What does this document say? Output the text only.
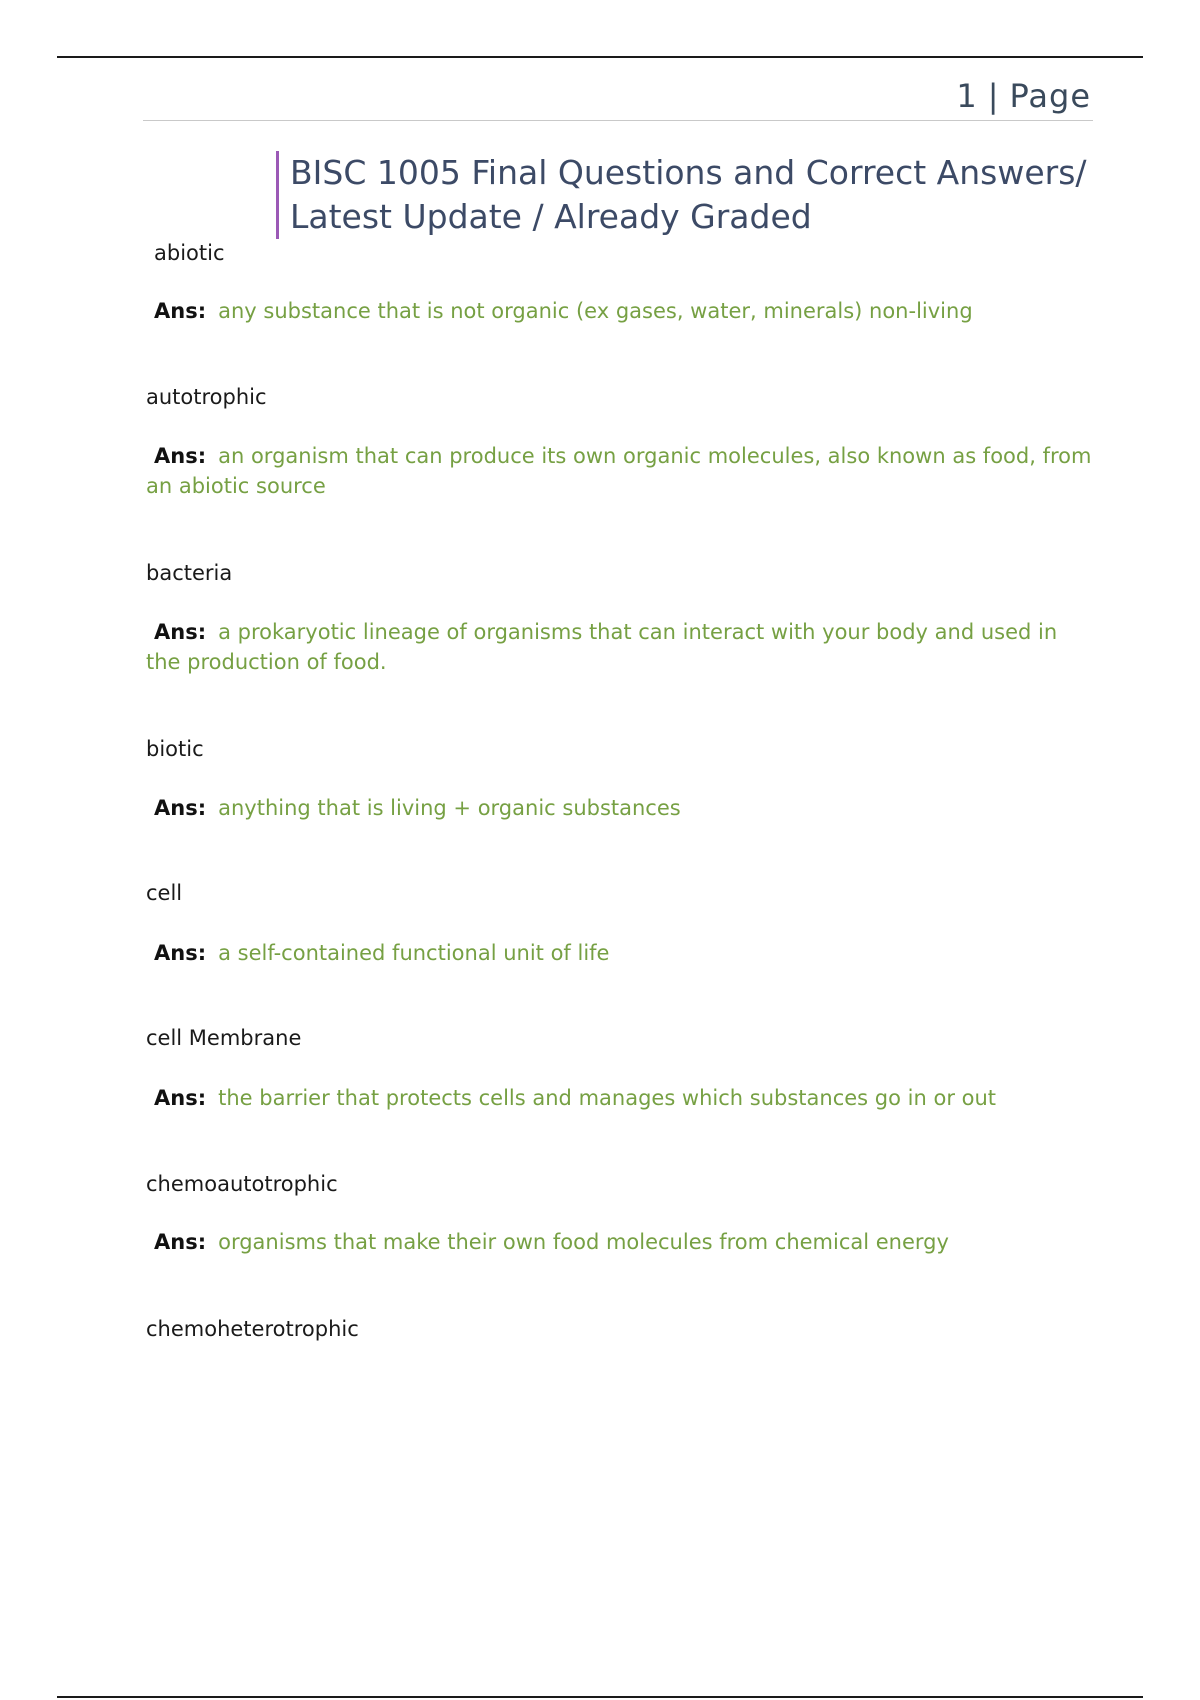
1 | Page
BISC 1005 Final Questions and Correct Answers/
Latest Update / Already Graded
abiotic
Ans: any substance that is not organic (ex gases, water, minerals) non-living
autotrophic
Ans: an organism that can produce its own organic molecules, also known as food, from an abiotic source
bacteria
Ans: a prokaryotic lineage of organisms that can interact with your body and used in the production of food.
biotic
Ans: anything that is living + organic substances
cell
Ans: a self-contained functional unit of life
cell Membrane
Ans: the barrier that protects cells and manages which substances go in or out
chemoautotrophic
Ans: organisms that make their own food molecules from chemical energy
chemoheterotrophic
